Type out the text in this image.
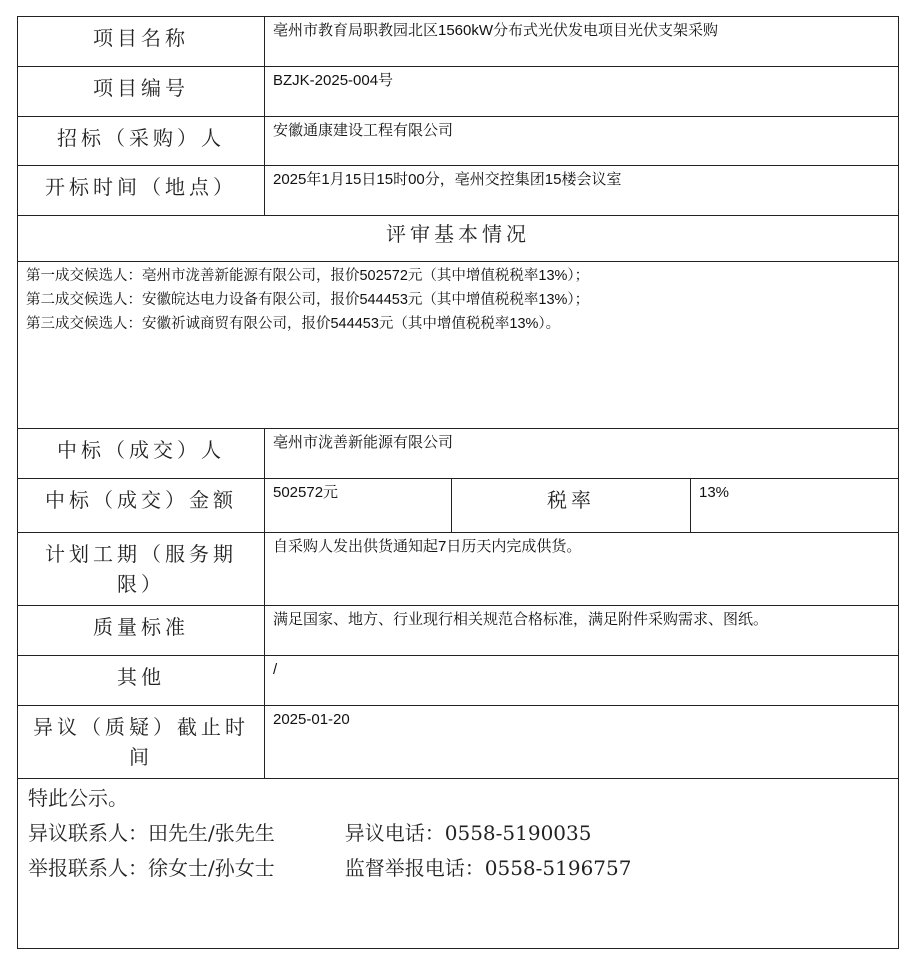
项目名称	亳州市教育局职教园北区1560kW分布式光伏发电项目光伏支架采购		
项目编号	BZJK-2025-004号		
招标（采购）人	安徽通康建设工程有限公司		
开标时间（地点）	2025年1月15日15时00分，亳州交控集团15楼会议室		
评审基本情况			

第一成交候选人：亳州市泷善新能源有限公司，报价502572元（其中增值税税率13%）；
第二成交候选人：安徽皖达电力设备有限公司，报价544453元（其中增值税税率13%）；
第三成交候选人：安徽祈诚商贸有限公司，报价544453元（其中增值税税率13%）。			

中标（成交）人	亳州市泷善新能源有限公司		
中标（成交）金额	502572元	税率	13%
计划工期（服务期限）	自采购人发出供货通知起7日历天内完成供货。		
质量标准	满足国家、地方、行业现行相关规范合格标准，满足附件采购需求、图纸。		
其他	/		
异议（质疑）截止时间	2025-01-20		

特此公示。
异议联系人：田先生/张先生 异议电话：0558-5190035
举报联系人：徐女士/孙女士 监督举报电话：0558-5196757			
